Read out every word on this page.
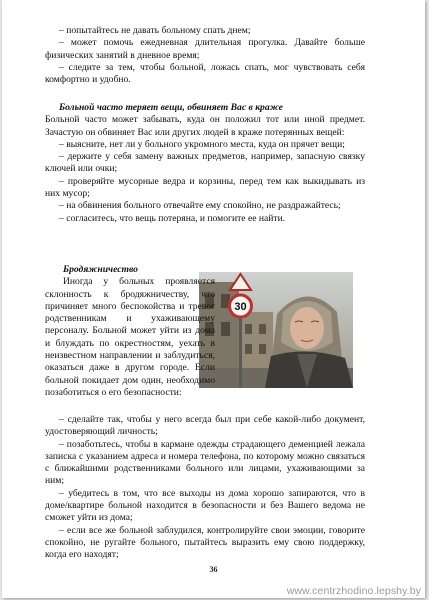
– попытайтесь не давать больному спать днем;

– может помочь ежедневная длительная прогулка. Давайте больше физических занятий в дневное время;

– следите за тем, чтобы больной, ложась спать, мог чувствовать себя комфортно и удобно.

Больной часто теряет вещи, обвиняет Вас в краже

Больной часто может забывать, куда он положил тот или иной предмет. Зачастую он обвиняет Вас или других людей в краже потерянных вещей:

– выясните, нет ли у больного укромного места, куда он прячет вещи;

– держите у себя замену важных предметов, например, запасную связку ключей или очки;

– проверяйте мусорные ведра и корзины, перед тем как выкидывать из них мусор;

– на обвинения больного отвечайте ему спокойно, не раздражайтесь;

– согласитесь, что вещь потеряна, и помогите ее найти.

30

Бродяжничество

Иногда у больных проявляется склонность к бродяжничеству, что причиняет много беспокойства и тревог родственникам и ухаживающему персоналу. Больной может уйти из дома и блуждать по окрестностям, уехать в неизвестном направлении и заблудиться, оказаться даже в другом городе. Если больной покидает дом один, необходимо позаботиться о его безопасности:

– сделайте так, чтобы у него всегда был при себе какой-либо документ, удостоверяющий личность;

– позаботьтесь, чтобы в кармане одежды страдающего деменцией лежала записка с указанием адреса и номера телефона, по которому можно связаться с ближайшими родственниками больного или лицами, ухаживающими за ним;

– убедитесь в том, что все выходы из дома хорошо запираются, что в доме/квартире больной находится в безопасности и без Вашего ведома не сможет уйти из дома;

– если все же больной заблудился, контролируйте свои эмоции, говорите спокойно, не ругайте больного, пытайтесь выразить ему свою поддержку, когда его находят;

36
www.centrzhodino.lepshy.by
